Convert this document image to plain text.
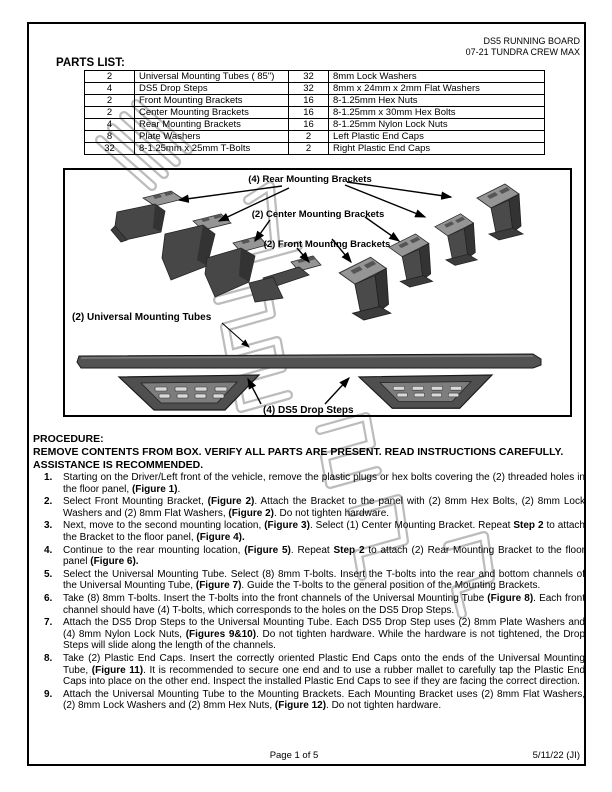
DS5 RUNNING BOARD
07-21 TUNDRA CREW MAX
PARTS LIST:
2	Universal Mounting Tubes ( 85")	32	8mm Lock Washers
4	DS5 Drop Steps	32	8mm x 24mm x 2mm Flat Washers
2	Front Mounting Brackets	16	8-1.25mm Hex Nuts
2	Center Mounting Brackets	16	8-1.25mm x 30mm Hex Bolts
4	Rear Mounting Brackets	16	8-1.25mm Nylon Lock Nuts
8	Plate Washers	2	Left Plastic End Caps
32	8-1.25mm x 25mm T-Bolts	2	Right Plastic End Caps
(4) Rear Mounting Brackets
(2) Center Mounting Brackets
(2) Front Mounting Brackets
(2) Universal Mounting Tubes
(4) DS5 Drop Steps
PROCEDURE:
REMOVE CONTENTS FROM BOX. VERIFY ALL PARTS ARE PRESENT. READ INSTRUCTIONS CAREFULLY. ASSISTANCE IS RECOMMENDED.
1. Starting on the Driver/Left front of the vehicle, remove the plastic plugs or hex bolts covering the (2) threaded holes in the floor panel, (Figure 1).
2. Select Front Mounting Bracket, (Figure 2). Attach the Bracket to the panel with (2) 8mm Hex Bolts, (2) 8mm Lock Washers and (2) 8mm Flat Washers, (Figure 2). Do not tighten hardware.
3. Next, move to the second mounting location, (Figure 3). Select (1) Center Mounting Bracket. Repeat Step 2 to attach the Bracket to the floor panel, (Figure 4).
4. Continue to the rear mounting location, (Figure 5). Repeat Step 2 to attach (2) Rear Mounting Bracket to the floor panel (Figure 6).
5. Select the Universal Mounting Tube. Select (8) 8mm T-bolts. Insert the T-bolts into the rear and bottom channels of the Universal Mounting Tube, (Figure 7). Guide the T-bolts to the general position of the Mounting Brackets.
6. Take (8) 8mm T-bolts. Insert the T-bolts into the front channels of the Universal Mounting Tube (Figure 8). Each front channel should have (4) T-bolts, which corresponds to the holes on the DS5 Drop Steps.
7. Attach the DS5 Drop Steps to the Universal Mounting Tube. Each DS5 Drop Step uses (2) 8mm Plate Washers and (4) 8mm Nylon Lock Nuts, (Figures 9&10). Do not tighten hardware. While the hardware is not tightened, the Drop Steps will slide along the length of the channels.
8. Take (2) Plastic End Caps. Insert the correctly oriented Plastic End Caps onto the ends of the Universal Mounting Tube, (Figure 11). It is recommended to secure one end and to use a rubber mallet to carefully tap the Plastic End Caps into place on the other end. Inspect the installed Plastic End Caps to see if they are facing the correct direction.
9. Attach the Universal Mounting Tube to the Mounting Brackets. Each Mounting Bracket uses (2) 8mm Flat Washers, (2) 8mm Lock Washers and (2) 8mm Hex Nuts, (Figure 12). Do not tighten hardware.
Page 1 of 5	5/11/22 (JI)
